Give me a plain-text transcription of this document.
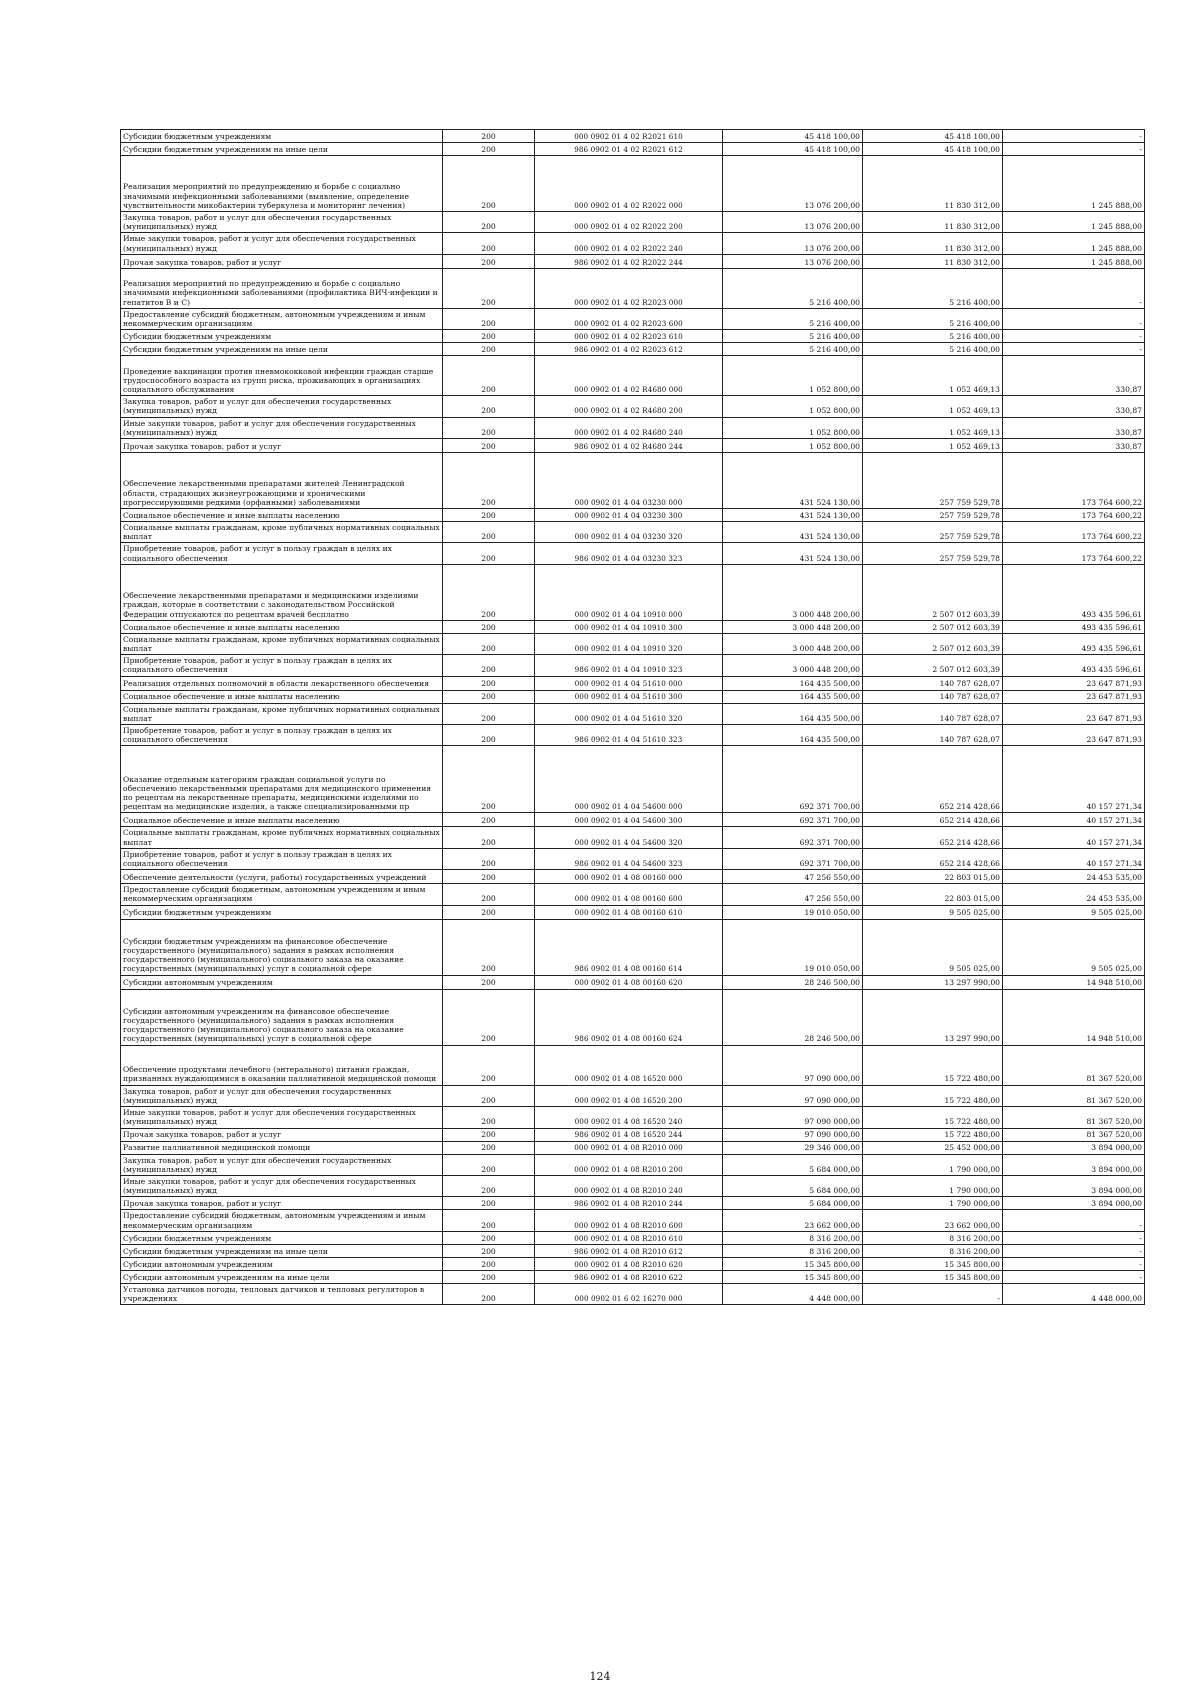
Субсидии бюджетным учреждениям	200	000 0902 01 4 02 R2021 610	45 418 100,00	45 418 100,00	-
Субсидии бюджетным учреждениям на иные цели	200	986 0902 01 4 02 R2021 612	45 418 100,00	45 418 100,00	-
Реализация мероприятий по предупреждению и борьбе с социально значимыми инфекционными заболеваниями (выявление, определение чувствительности микобактерии туберкулеза и мониторинг лечения)	200	000 0902 01 4 02 R2022 000	13 076 200,00	11 830 312,00	1 245 888,00
Закупка товаров, работ и услуг для обеспечения государственных (муниципальных) нужд	200	000 0902 01 4 02 R2022 200	13 076 200,00	11 830 312,00	1 245 888,00
Иные закупки товаров, работ и услуг для обеспечения государственных (муниципальных) нужд	200	000 0902 01 4 02 R2022 240	13 076 200,00	11 830 312,00	1 245 888,00
Прочая закупка товаров, работ и услуг	200	986 0902 01 4 02 R2022 244	13 076 200,00	11 830 312,00	1 245 888,00
Реализация мероприятий по предупреждению и борьбе с социально значимыми инфекционными заболеваниями (профилактика ВИЧ-инфекции и гепатитов B и C)	200	000 0902 01 4 02 R2023 000	5 216 400,00	5 216 400,00	-
Предоставление субсидий бюджетным, автономным учреждениям и иным некоммерческим организациям	200	000 0902 01 4 02 R2023 600	5 216 400,00	5 216 400,00	-
Субсидии бюджетным учреждениям	200	000 0902 01 4 02 R2023 610	5 216 400,00	5 216 400,00	-
Субсидии бюджетным учреждениям на иные цели	200	986 0902 01 4 02 R2023 612	5 216 400,00	5 216 400,00	-
Проведение вакцинации против пневмококковой инфекции граждан старше трудоспособного возраста из групп риска, проживающих в организациях социального обслуживания	200	000 0902 01 4 02 R4680 000	1 052 800,00	1 052 469,13	330,87
Закупка товаров, работ и услуг для обеспечения государственных (муниципальных) нужд	200	000 0902 01 4 02 R4680 200	1 052 800,00	1 052 469,13	330,87
Иные закупки товаров, работ и услуг для обеспечения государственных (муниципальных) нужд	200	000 0902 01 4 02 R4680 240	1 052 800,00	1 052 469,13	330,87
Прочая закупка товаров, работ и услуг	200	986 0902 01 4 02 R4680 244	1 052 800,00	1 052 469,13	330,87
Обеспечение лекарственными препаратами жителей Ленинградской области, страдающих жизнеугрожающими и хроническими прогрессирующими редкими (орфанными) заболеваниями	200	000 0902 01 4 04 03230 000	431 524 130,00	257 759 529,78	173 764 600,22
Социальное обеспечение и иные выплаты населению	200	000 0902 01 4 04 03230 300	431 524 130,00	257 759 529,78	173 764 600,22
Социальные выплаты гражданам, кроме публичных нормативных социальных выплат	200	000 0902 01 4 04 03230 320	431 524 130,00	257 759 529,78	173 764 600,22
Приобретение товаров, работ и услуг в пользу граждан в целях их социального обеспечения	200	986 0902 01 4 04 03230 323	431 524 130,00	257 759 529,78	173 764 600,22
Обеспечение лекарственными препаратами и медицинскими изделиями граждан, которые в соответствии с законодательством Российской Федерации отпускаются по рецептам врачей бесплатно	200	000 0902 01 4 04 10910 000	3 000 448 200,00	2 507 012 603,39	493 435 596,61
Социальное обеспечение и иные выплаты населению	200	000 0902 01 4 04 10910 300	3 000 448 200,00	2 507 012 603,39	493 435 596,61
Социальные выплаты гражданам, кроме публичных нормативных социальных выплат	200	000 0902 01 4 04 10910 320	3 000 448 200,00	2 507 012 603,39	493 435 596,61
Приобретение товаров, работ и услуг в пользу граждан в целях их социального обеспечения	200	986 0902 01 4 04 10910 323	3 000 448 200,00	2 507 012 603,39	493 435 596,61
Реализация отдельных полномочий в области лекарственного обеспечения	200	000 0902 01 4 04 51610 000	164 435 500,00	140 787 628,07	23 647 871,93
Социальное обеспечение и иные выплаты населению	200	000 0902 01 4 04 51610 300	164 435 500,00	140 787 628,07	23 647 871,93
Социальные выплаты гражданам, кроме публичных нормативных социальных выплат	200	000 0902 01 4 04 51610 320	164 435 500,00	140 787 628,07	23 647 871,93
Приобретение товаров, работ и услуг в пользу граждан в целях их социального обеспечения	200	986 0902 01 4 04 51610 323	164 435 500,00	140 787 628,07	23 647 871,93
Оказание отдельным категориям граждан социальной услуги по обеспечению лекарственными препаратами для медицинского применения по рецептам на лекарственные препараты, медицинскими изделиями по рецептам на медицинские изделия, а также специализированными пр	200	000 0902 01 4 04 54600 000	692 371 700,00	652 214 428,66	40 157 271,34
Социальное обеспечение и иные выплаты населению	200	000 0902 01 4 04 54600 300	692 371 700,00	652 214 428,66	40 157 271,34
Социальные выплаты гражданам, кроме публичных нормативных социальных выплат	200	000 0902 01 4 04 54600 320	692 371 700,00	652 214 428,66	40 157 271,34
Приобретение товаров, работ и услуг в пользу граждан в целях их социального обеспечения	200	986 0902 01 4 04 54600 323	692 371 700,00	652 214 428,66	40 157 271,34
Обеспечение деятельности (услуги, работы) государственных учреждений	200	000 0902 01 4 08 00160 000	47 256 550,00	22 803 015,00	24 453 535,00
Предоставление субсидий бюджетным, автономным учреждениям и иным некоммерческим организациям	200	000 0902 01 4 08 00160 600	47 256 550,00	22 803 015,00	24 453 535,00
Субсидии бюджетным учреждениям	200	000 0902 01 4 08 00160 610	19 010 050,00	9 505 025,00	9 505 025,00
Субсидии бюджетным учреждениям на финансовое обеспечение государственного (муниципального) задания в рамках исполнения государственного (муниципального) социального заказа на оказание государственных (муниципальных) услуг в социальной сфере	200	986 0902 01 4 08 00160 614	19 010 050,00	9 505 025,00	9 505 025,00
Субсидии автономным учреждениям	200	000 0902 01 4 08 00160 620	28 246 500,00	13 297 990,00	14 948 510,00
Субсидии автономным учреждениям на финансовое обеспечение государственного (муниципального) задания в рамках исполнения государственного (муниципального) социального заказа на оказание государственных (муниципальных) услуг в социальной сфере	200	986 0902 01 4 08 00160 624	28 246 500,00	13 297 990,00	14 948 510,00
Обеспечение продуктами лечебного (энтерального) питания граждан, признанных нуждающимися в оказании паллиативной медицинской помощи	200	000 0902 01 4 08 16520 000	97 090 000,00	15 722 480,00	81 367 520,00
Закупка товаров, работ и услуг для обеспечения государственных (муниципальных) нужд	200	000 0902 01 4 08 16520 200	97 090 000,00	15 722 480,00	81 367 520,00
Иные закупки товаров, работ и услуг для обеспечения государственных (муниципальных) нужд	200	000 0902 01 4 08 16520 240	97 090 000,00	15 722 480,00	81 367 520,00
Прочая закупка товаров, работ и услуг	200	986 0902 01 4 08 16520 244	97 090 000,00	15 722 480,00	81 367 520,00
Развитие паллиативной медицинской помощи	200	000 0902 01 4 08 R2010 000	29 346 000,00	25 452 000,00	3 894 000,00
Закупка товаров, работ и услуг для обеспечения государственных (муниципальных) нужд	200	000 0902 01 4 08 R2010 200	5 684 000,00	1 790 000,00	3 894 000,00
Иные закупки товаров, работ и услуг для обеспечения государственных (муниципальных) нужд	200	000 0902 01 4 08 R2010 240	5 684 000,00	1 790 000,00	3 894 000,00
Прочая закупка товаров, работ и услуг	200	986 0902 01 4 08 R2010 244	5 684 000,00	1 790 000,00	3 894 000,00
Предоставление субсидий бюджетным, автономным учреждениям и иным некоммерческим организациям	200	000 0902 01 4 08 R2010 600	23 662 000,00	23 662 000,00	-
Субсидии бюджетным учреждениям	200	000 0902 01 4 08 R2010 610	8 316 200,00	8 316 200,00	-
Субсидии бюджетным учреждениям на иные цели	200	986 0902 01 4 08 R2010 612	8 316 200,00	8 316 200,00	-
Субсидии автономным учреждениям	200	000 0902 01 4 08 R2010 620	15 345 800,00	15 345 800,00	-
Субсидии автономным учреждениям на иные цели	200	986 0902 01 4 08 R2010 622	15 345 800,00	15 345 800,00	-
Установка датчиков погоды, тепловых датчиков и тепловых регуляторов в учреждениях	200	000 0902 01 6 02 16270 000	4 448 000,00	-	4 448 000,00
124
